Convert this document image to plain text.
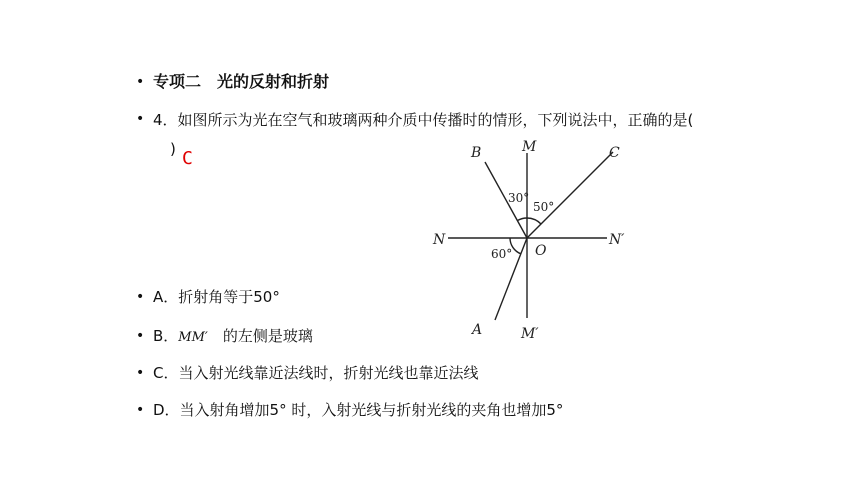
•
•
•
•
•
•
专项二　光的反射和折射
4．如图所示为光在空气和玻璃两种介质中传播时的情形，下列说法中，正确的是(
) C	B	M	C
N
O
N′
A	M′
30°
50°
60°
A．折射角等于50°
B．MM′　的左侧是玻璃
C．当入射光线靠近法线时，折射光线也靠近法线
D．当入射角增加5° 时，入射光线与折射光线的夹角也增加5°
